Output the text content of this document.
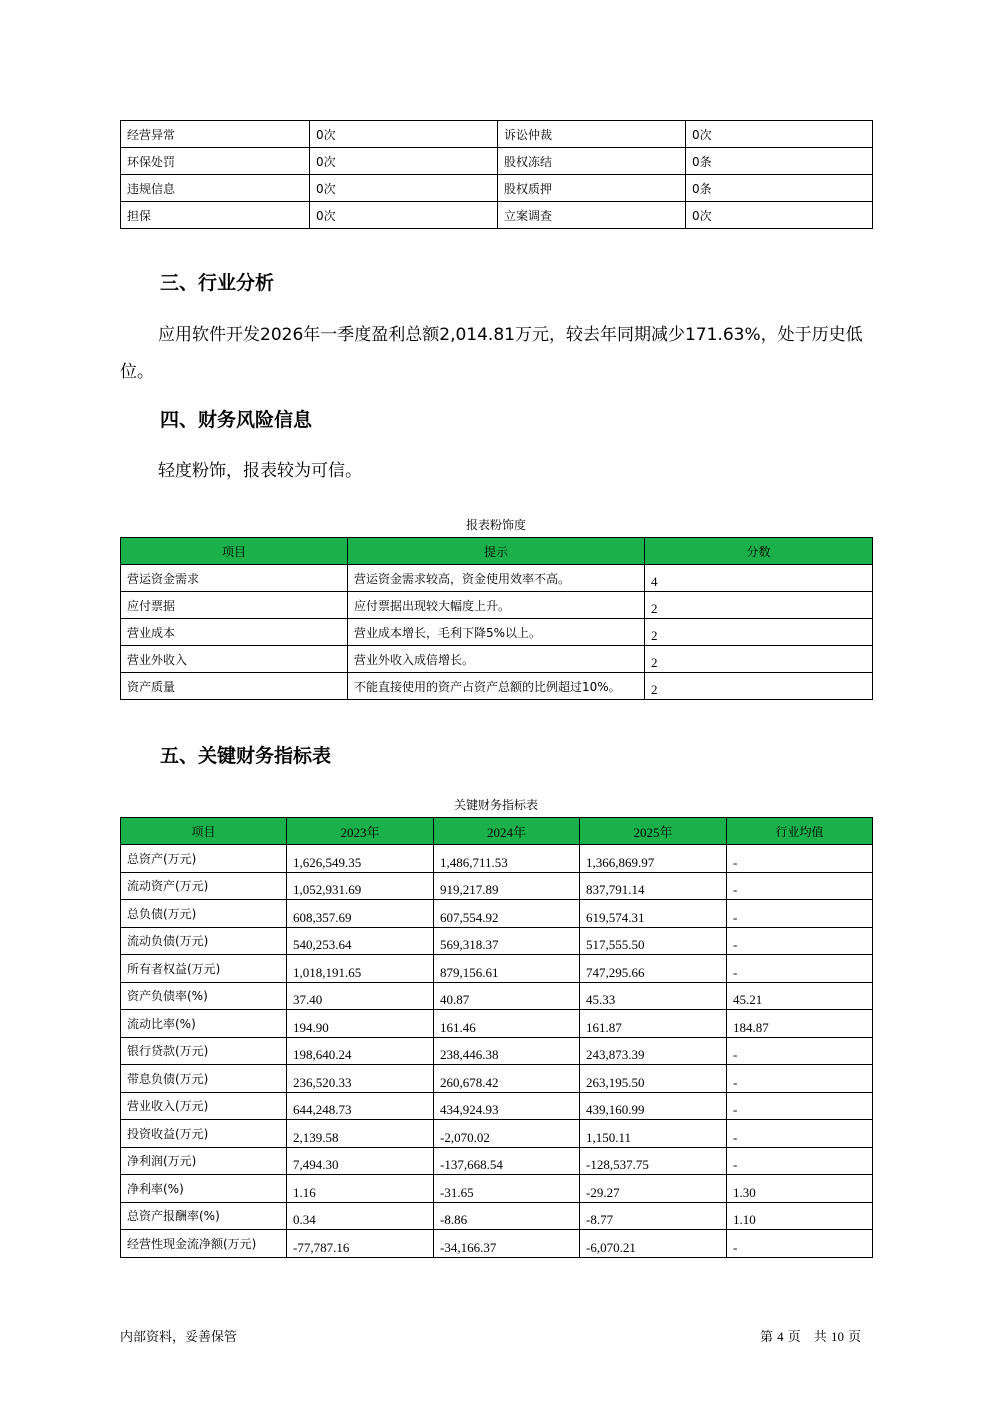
经营异常	0次	诉讼仲裁	0次
环保处罚	0次	股权冻结	0条
违规信息	0次	股权质押	0条
担保	0次	立案调查	0次
三、行业分析
应用软件开发2026年一季度盈利总额2,014.81万元，较去年同期减少171.63%，处于历史低
位。
四、财务风险信息
轻度粉饰，报表较为可信。
报表粉饰度
项目	提示	分数
营运资金需求	营运资金需求较高，资金使用效率不高。	4
应付票据	应付票据出现较大幅度上升。	2
营业成本	营业成本增长，毛利下降5%以上。	2
营业外收入	营业外收入成倍增长。	2
资产质量	不能直接使用的资产占资产总额的比例超过10%。	2
五、关键财务指标表
关键财务指标表
项目	2023年	2024年	2025年	行业均值
总资产(万元)	1,626,549.35	1,486,711.53	1,366,869.97	-
流动资产(万元)	1,052,931.69	919,217.89	837,791.14	-
总负债(万元)	608,357.69	607,554.92	619,574.31	-
流动负债(万元)	540,253.64	569,318.37	517,555.50	-
所有者权益(万元)	1,018,191.65	879,156.61	747,295.66	-
资产负债率(%)	37.40	40.87	45.33	45.21
流动比率(%)	194.90	161.46	161.87	184.87
银行贷款(万元)	198,640.24	238,446.38	243,873.39	-
带息负债(万元)	236,520.33	260,678.42	263,195.50	-
营业收入(万元)	644,248.73	434,924.93	439,160.99	-
投资收益(万元)	2,139.58	-2,070.02	1,150.11	-
净利润(万元)	7,494.30	-137,668.54	-128,537.75	-
净利率(%)	1.16	-31.65	-29.27	1.30
总资产报酬率(%)	0.34	-8.86	-8.77	1.10
经营性现金流净额(万元)	-77,787.16	-34,166.37	-6,070.21	-
内部资料，妥善保管	第 4 页　共 10 页
